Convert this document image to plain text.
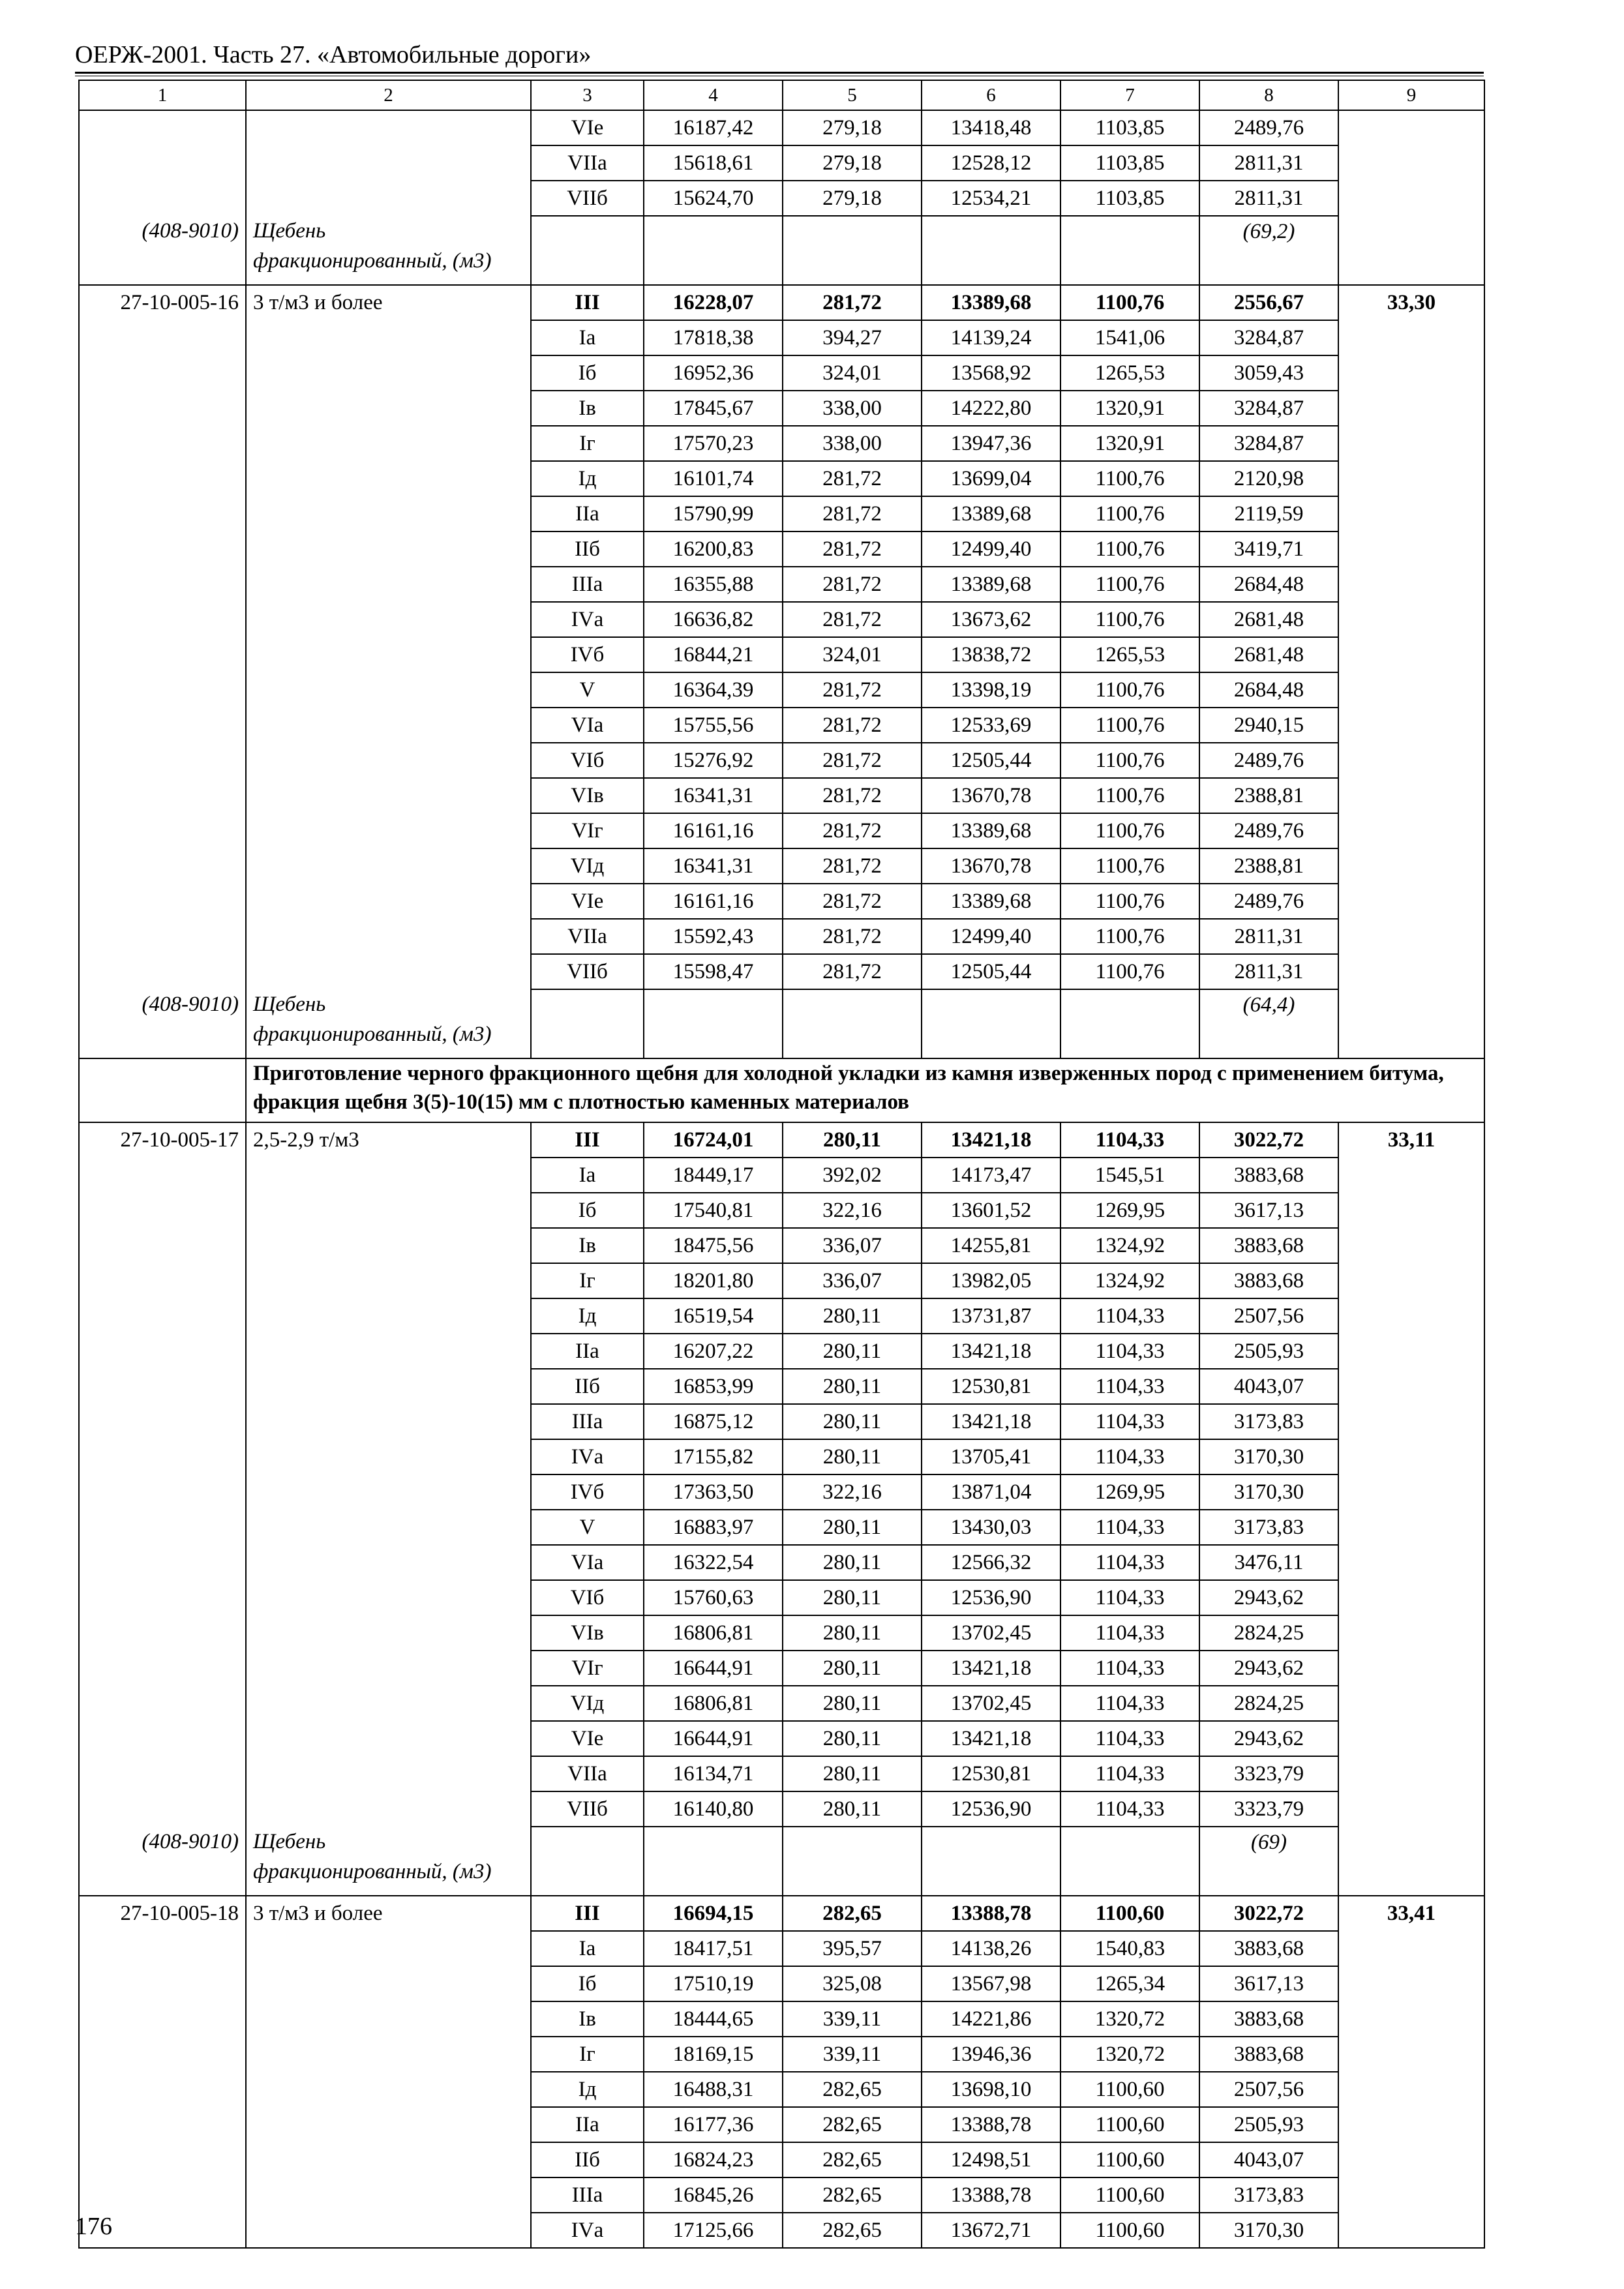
ОЕРЖ-2001. Часть 27. «Автомобильные дороги»
1	2	3	4	5	6	7	8	9
		VIе	16187,42	279,18	13418,48	1103,85	2489,76	
		VIIа	15618,61	279,18	12528,12	1103,85	2811,31	
		VIIб	15624,70	279,18	12534,21	1103,85	2811,31	
(408-9010)	Щебень фракционированный, (м3)						(69,2)	
27-10-005-16	3 т/м3 и более	III	16228,07	281,72	13389,68	1100,76	2556,67	33,30
		Iа	17818,38	394,27	14139,24	1541,06	3284,87	
		Iб	16952,36	324,01	13568,92	1265,53	3059,43	
		Iв	17845,67	338,00	14222,80	1320,91	3284,87	
		Iг	17570,23	338,00	13947,36	1320,91	3284,87	
		Iд	16101,74	281,72	13699,04	1100,76	2120,98	
		IIа	15790,99	281,72	13389,68	1100,76	2119,59	
		IIб	16200,83	281,72	12499,40	1100,76	3419,71	
		IIIа	16355,88	281,72	13389,68	1100,76	2684,48	
		IVа	16636,82	281,72	13673,62	1100,76	2681,48	
		IVб	16844,21	324,01	13838,72	1265,53	2681,48	
		V	16364,39	281,72	13398,19	1100,76	2684,48	
		VIа	15755,56	281,72	12533,69	1100,76	2940,15	
		VIб	15276,92	281,72	12505,44	1100,76	2489,76	
		VIв	16341,31	281,72	13670,78	1100,76	2388,81	
		VIг	16161,16	281,72	13389,68	1100,76	2489,76	
		VIд	16341,31	281,72	13670,78	1100,76	2388,81	
		VIе	16161,16	281,72	13389,68	1100,76	2489,76	
		VIIа	15592,43	281,72	12499,40	1100,76	2811,31	
		VIIб	15598,47	281,72	12505,44	1100,76	2811,31	
(408-9010)	Щебень фракционированный, (м3)						(64,4)	
	Приготовление черного фракционного щебня для холодной укладки из камня изверженных пород с применением битума, фракция щебня 3(5)-10(15) мм с плотностью каменных материалов							
27-10-005-17	2,5-2,9 т/м3	III	16724,01	280,11	13421,18	1104,33	3022,72	33,11
		Iа	18449,17	392,02	14173,47	1545,51	3883,68	
		Iб	17540,81	322,16	13601,52	1269,95	3617,13	
		Iв	18475,56	336,07	14255,81	1324,92	3883,68	
		Iг	18201,80	336,07	13982,05	1324,92	3883,68	
		Iд	16519,54	280,11	13731,87	1104,33	2507,56	
		IIа	16207,22	280,11	13421,18	1104,33	2505,93	
		IIб	16853,99	280,11	12530,81	1104,33	4043,07	
		IIIа	16875,12	280,11	13421,18	1104,33	3173,83	
		IVа	17155,82	280,11	13705,41	1104,33	3170,30	
		IVб	17363,50	322,16	13871,04	1269,95	3170,30	
		V	16883,97	280,11	13430,03	1104,33	3173,83	
		VIа	16322,54	280,11	12566,32	1104,33	3476,11	
		VIб	15760,63	280,11	12536,90	1104,33	2943,62	
		VIв	16806,81	280,11	13702,45	1104,33	2824,25	
		VIг	16644,91	280,11	13421,18	1104,33	2943,62	
		VIд	16806,81	280,11	13702,45	1104,33	2824,25	
		VIе	16644,91	280,11	13421,18	1104,33	2943,62	
		VIIа	16134,71	280,11	12530,81	1104,33	3323,79	
		VIIб	16140,80	280,11	12536,90	1104,33	3323,79	
(408-9010)	Щебень фракционированный, (м3)						(69)	
27-10-005-18	3 т/м3 и более	III	16694,15	282,65	13388,78	1100,60	3022,72	33,41
		Iа	18417,51	395,57	14138,26	1540,83	3883,68	
		Iб	17510,19	325,08	13567,98	1265,34	3617,13	
		Iв	18444,65	339,11	14221,86	1320,72	3883,68	
		Iг	18169,15	339,11	13946,36	1320,72	3883,68	
		Iд	16488,31	282,65	13698,10	1100,60	2507,56	
		IIа	16177,36	282,65	13388,78	1100,60	2505,93	
		IIб	16824,23	282,65	12498,51	1100,60	4043,07	
		IIIа	16845,26	282,65	13388,78	1100,60	3173,83	
		IVа	17125,66	282,65	13672,71	1100,60	3170,30	
176
